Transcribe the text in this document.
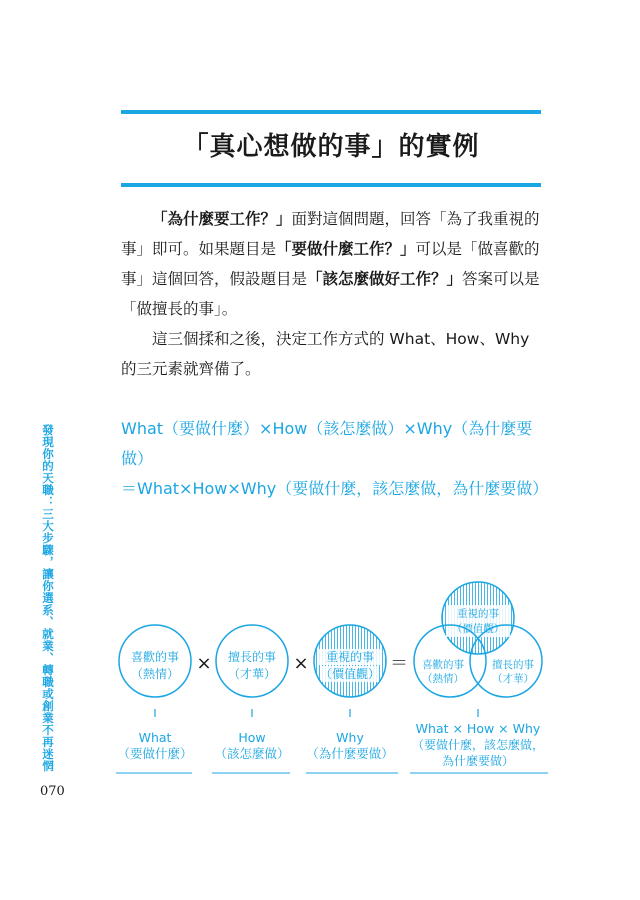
「真心想做的事」的實例

「為什麼要工作？」面對這個問題，回答「為了我重視的事」即可。如果題目是「要做什麼工作？」可以是「做喜歡的事」這個回答，假設題目是「該怎麼做好工作？」答案可以是「做擅長的事」。

這三個揉和之後，決定工作方式的 What、How、Why 的三元素就齊備了。

What（要做什麼）×How（該怎麼做）×Why（為什麼要做）
＝What×How×Why（要做什麼，該怎麼做，為什麼要做）
發現你的天職：三大步驟，讓你選系、就業、轉職或創業不再迷惘
070
喜歡的事
（熱情） × 擅長的事
（才華） × 重視的事
（價值觀） ＝
重視的事
（價值觀）
喜歡的事
（熱情）
擅長的事
（才華）
What
（要做什麼）
How
（該怎麼做）
Why
（為什麼要做）
What × How × Why
（要做什麼，該怎麼做，
為什麼要做）
